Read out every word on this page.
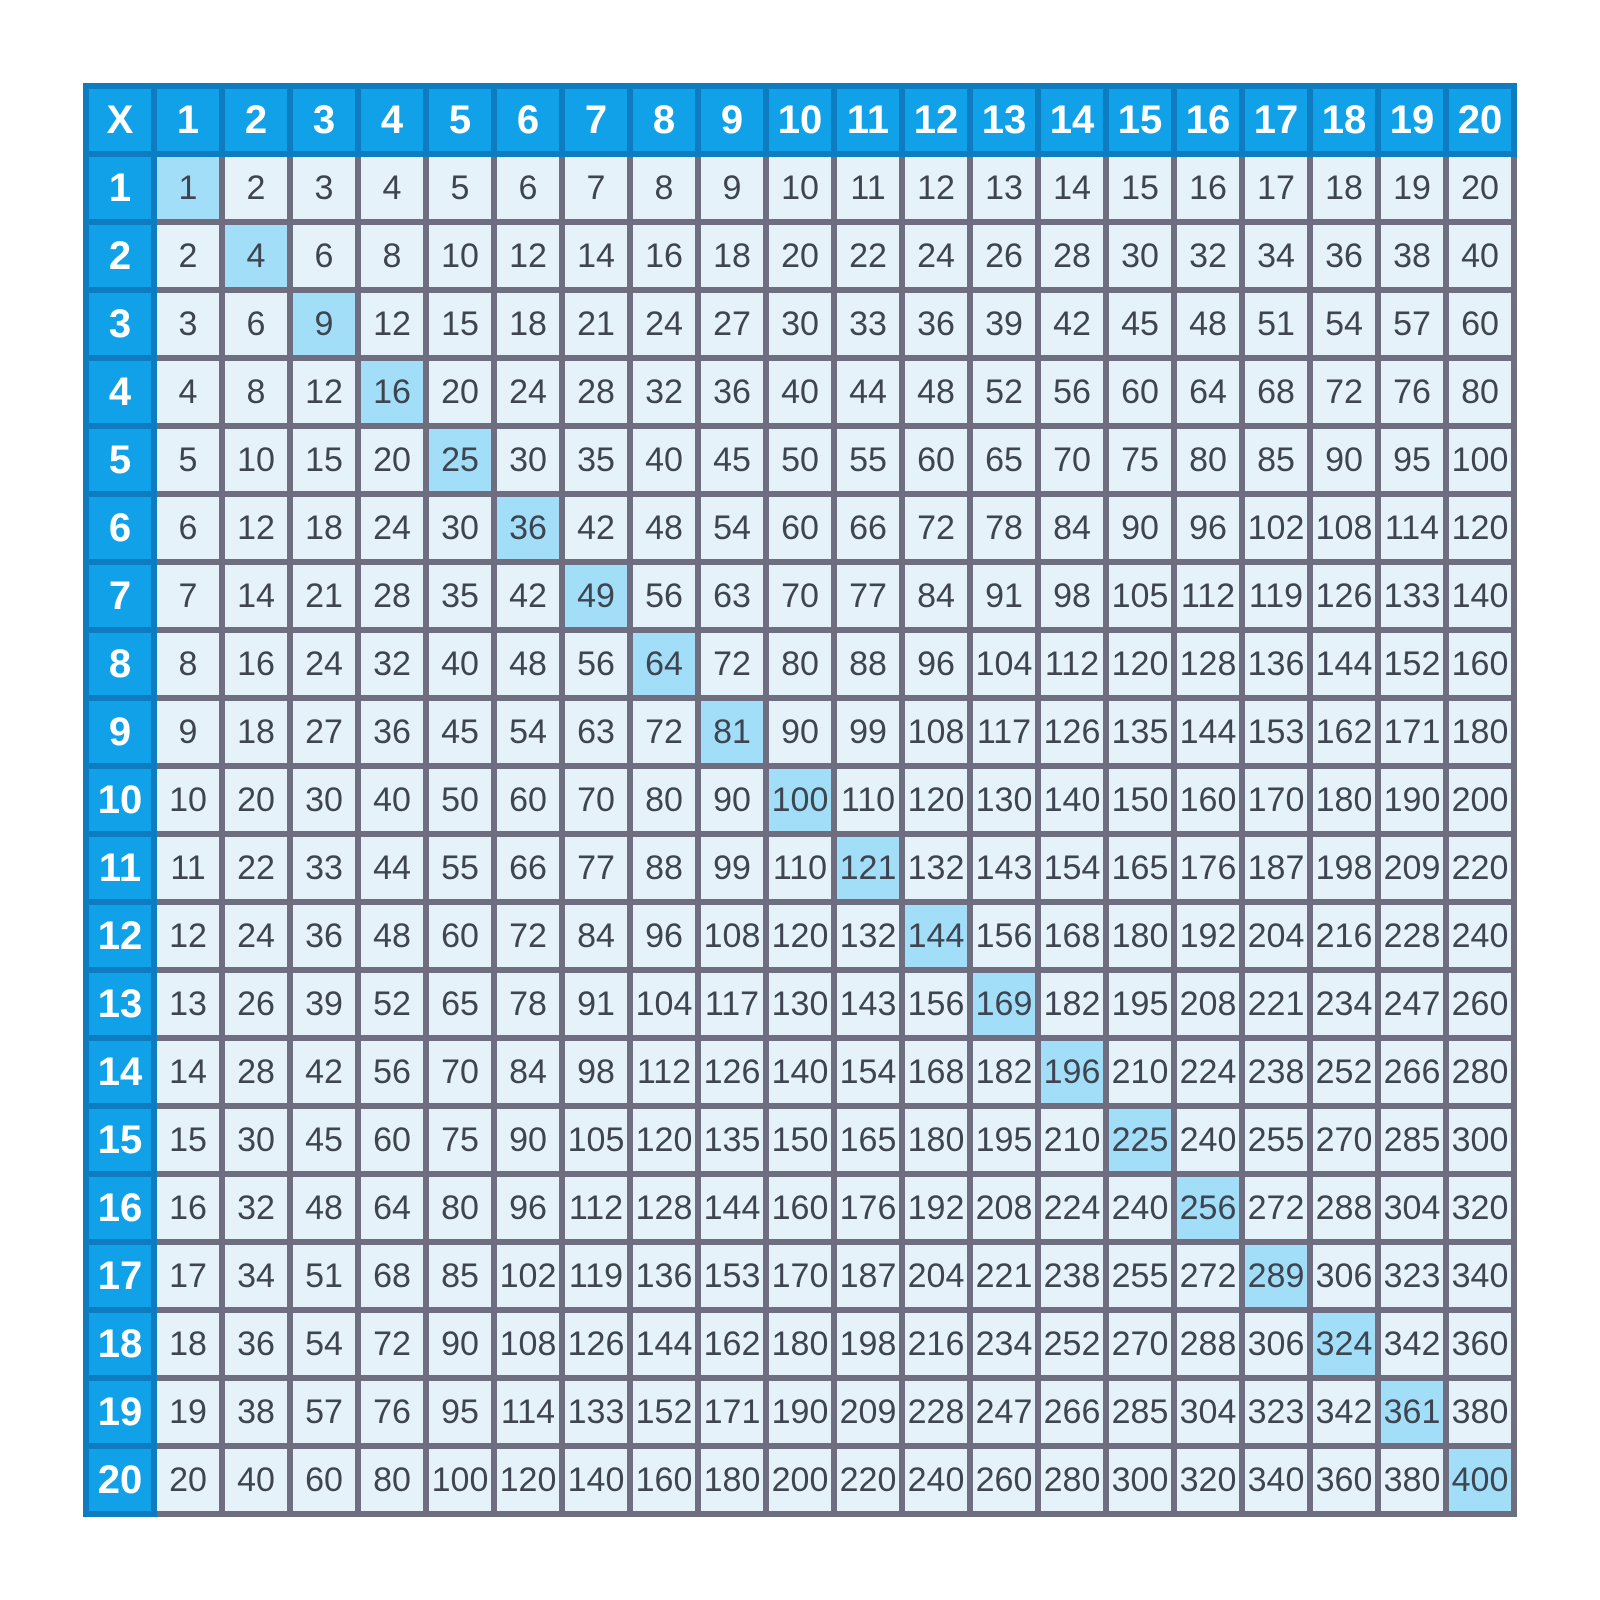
X	1	2	3	4	5	6	7	8	9	10	11	12	13	14	15	16	17	18	19	20
1	1	2	3	4	5	6	7	8	9	10	11	12	13	14	15	16	17	18	19	20
2	2	4	6	8	10	12	14	16	18	20	22	24	26	28	30	32	34	36	38	40
3	3	6	9	12	15	18	21	24	27	30	33	36	39	42	45	48	51	54	57	60
4	4	8	12	16	20	24	28	32	36	40	44	48	52	56	60	64	68	72	76	80
5	5	10	15	20	25	30	35	40	45	50	55	60	65	70	75	80	85	90	95	100
6	6	12	18	24	30	36	42	48	54	60	66	72	78	84	90	96	102	108	114	120
7	7	14	21	28	35	42	49	56	63	70	77	84	91	98	105	112	119	126	133	140
8	8	16	24	32	40	48	56	64	72	80	88	96	104	112	120	128	136	144	152	160
9	9	18	27	36	45	54	63	72	81	90	99	108	117	126	135	144	153	162	171	180
10	10	20	30	40	50	60	70	80	90	100	110	120	130	140	150	160	170	180	190	200
11	11	22	33	44	55	66	77	88	99	110	121	132	143	154	165	176	187	198	209	220
12	12	24	36	48	60	72	84	96	108	120	132	144	156	168	180	192	204	216	228	240
13	13	26	39	52	65	78	91	104	117	130	143	156	169	182	195	208	221	234	247	260
14	14	28	42	56	70	84	98	112	126	140	154	168	182	196	210	224	238	252	266	280
15	15	30	45	60	75	90	105	120	135	150	165	180	195	210	225	240	255	270	285	300
16	16	32	48	64	80	96	112	128	144	160	176	192	208	224	240	256	272	288	304	320
17	17	34	51	68	85	102	119	136	153	170	187	204	221	238	255	272	289	306	323	340
18	18	36	54	72	90	108	126	144	162	180	198	216	234	252	270	288	306	324	342	360
19	19	38	57	76	95	114	133	152	171	190	209	228	247	266	285	304	323	342	361	380
20	20	40	60	80	100	120	140	160	180	200	220	240	260	280	300	320	340	360	380	400
